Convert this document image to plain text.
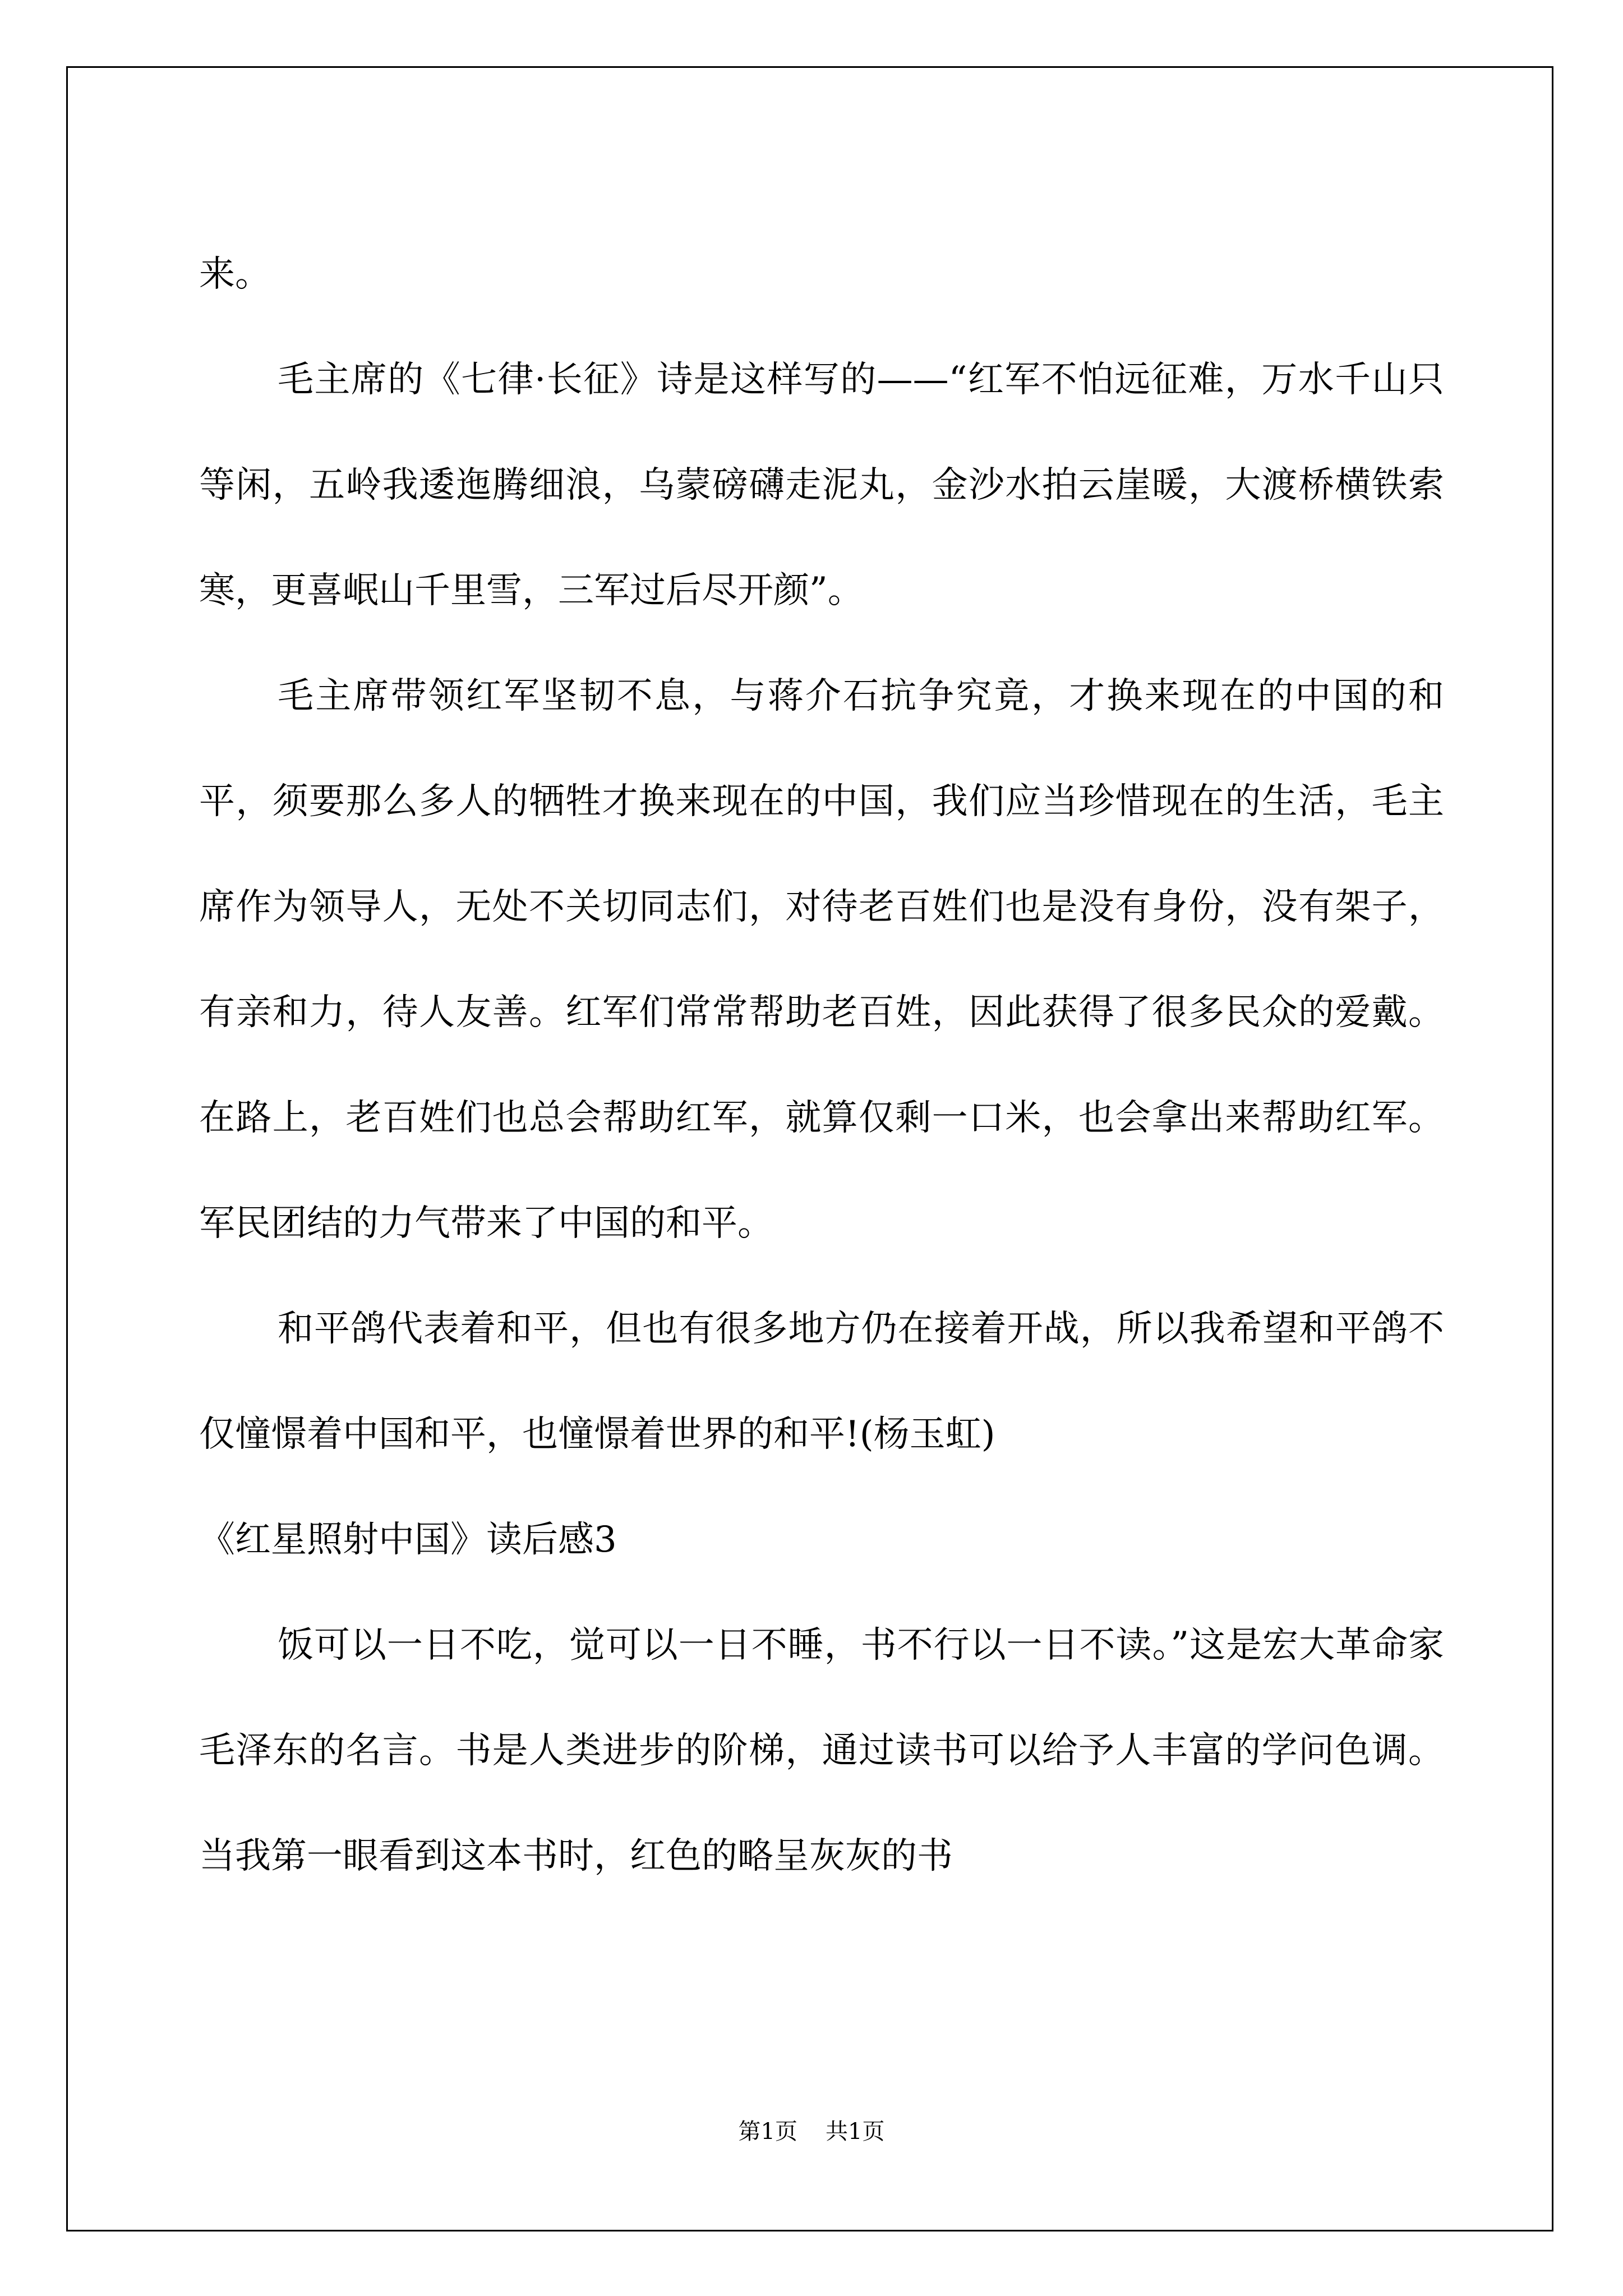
来。

毛主席的《七律·长征》诗是这样写的——“红军不怕远征难，万水千山只等闲，五岭我逶迤腾细浪，乌蒙磅礴走泥丸，金沙水拍云崖暖，大渡桥横铁索寒，更喜岷山千里雪，三军过后尽开颜”。

毛主席带领红军坚韧不息，与蒋介石抗争究竟，才换来现在的中国的和平，须要那么多人的牺牲才换来现在的中国，我们应当珍惜现在的生活，毛主席作为领导人，无处不关切同志们，对待老百姓们也是没有身份，没有架子，有亲和力，待人友善。红军们常常帮助老百姓，因此获得了很多民众的爱戴。在路上，老百姓们也总会帮助红军，就算仅剩一口米，也会拿出来帮助红军。军民团结的力气带来了中国的和平。

和平鸽代表着和平，但也有很多地方仍在接着开战，所以我希望和平鸽不仅憧憬着中国和平，也憧憬着世界的和平!(杨玉虹)

《红星照射中国》读后感3

饭可以一日不吃，觉可以一日不睡，书不行以一日不读。”这是宏大革命家毛泽东的名言。书是人类进步的阶梯，通过读书可以给予人丰富的学问色调。当我第一眼看到这本书时，红色的略呈灰灰的书

第1页 共1页
